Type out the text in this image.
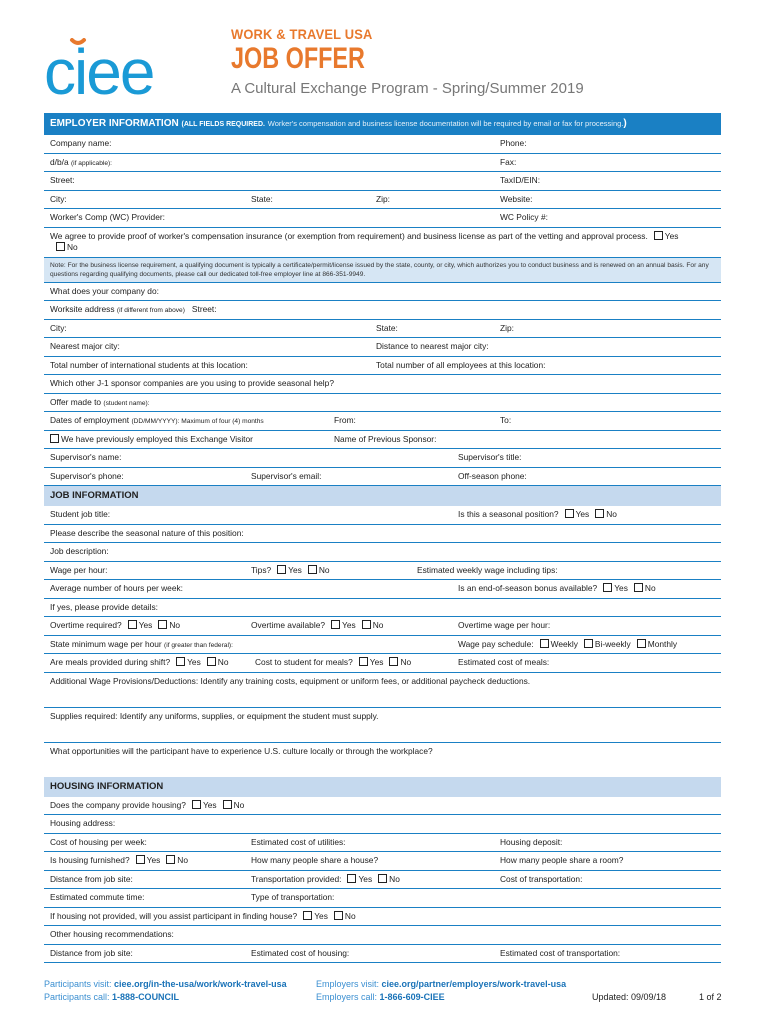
ciee
WORK & TRAVEL USA
JOB OFFER
A Cultural Exchange Program - Spring/Summer 2019
EMPLOYER INFORMATION (ALL FIELDS REQUIRED. Worker's compensation and business license documentation will be required by email or fax for processing.)
Company name:	Phone:
d/b/a (if applicable):	Fax:
Street:	TaxID/EIN:
City:	State:	Zip:	Website:
Worker's Comp (WC) Provider:	WC Policy #:
We agree to provide proof of worker's compensation insurance (or exemption from requirement) and business license as part of the vetting and approval process. YesNo
Note: For the business license requirement, a qualifying document is typically a certificate/permit/license issued by the state, county, or city, which authorizes you to conduct business and is renewed on an annual basis. For any questions regarding qualifying documents, please call our dedicated toll-free employer line at 866-351-9949.
What does your company do:
Worksite address (if different from above) Street:
City:	State:	Zip:
Nearest major city:	Distance to nearest major city:
Total number of international students at this location:	Total number of all employees at this location:
Which other J-1 sponsor companies are you using to provide seasonal help?
Offer made to (student name):
Dates of employment (DD/MM/YYYY): Maximum of four (4) months	From:	To:
We have previously employed this Exchange Visitor	Name of Previous Sponsor:
Supervisor's name:	Supervisor's title:
Supervisor's phone:	Supervisor's email:	Off-season phone:
JOB INFORMATION
Student job title:	Is this a seasonal position? Yes No
Please describe the seasonal nature of this position:
Job description:
Wage per hour:	Tips? Yes No	Estimated weekly wage including tips:
Average number of hours per week:	Is an end-of-season bonus available? Yes No
If yes, please provide details:
Overtime required? Yes No	Overtime available? Yes No	Overtime wage per hour:
State minimum wage per hour (if greater than federal):	Wage pay schedule: Weekly Bi-weekly Monthly
Are meals provided during shift? Yes No	Cost to student for meals? Yes No	Estimated cost of meals:
Additional Wage Provisions/Deductions: Identify any training costs, equipment or uniform fees, or additional paycheck deductions.
Supplies required: Identify any uniforms, supplies, or equipment the student must supply.
What opportunities will the participant have to experience U.S. culture locally or through the workplace?
HOUSING INFORMATION
Does the company provide housing? Yes No
Housing address:
Cost of housing per week:	Estimated cost of utilities:	Housing deposit:
Is housing furnished? Yes No	How many people share a house?	How many people share a room?
Distance from job site:	Transportation provided: Yes No	Cost of transportation:
Estimated commute time:	Type of transportation:
If housing not provided, will you assist participant in finding house? Yes No
Other housing recommendations:
Distance from job site:	Estimated cost of housing:	Estimated cost of transportation:
Participants visit: ciee.org/in-the-usa/work/work-travel-usa
Participants call: 1-888-COUNCIL
Employers visit: ciee.org/partner/employers/work-travel-usa
Employers call: 1-866-609-CIEE	Updated: 09/09/18	1 of 2
